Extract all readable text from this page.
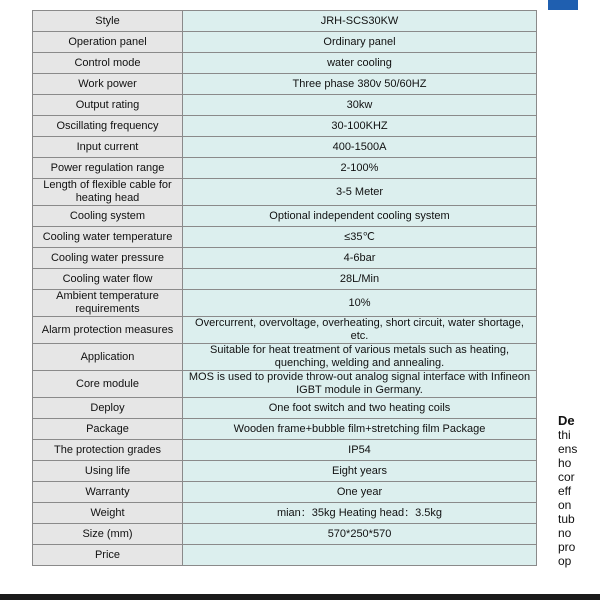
Style	JRH-SCS30KW
Operation panel	Ordinary panel
Control mode	water cooling
Work power	Three phase 380v 50/60HZ
Output rating	30kw
Oscillating frequency	30-100KHZ
Input current	400-1500A
Power regulation range	2-100%
Length of flexible cable for heating head	3-5 Meter
Cooling system	Optional independent cooling system
Cooling water temperature	≤35℃
Cooling water pressure	4-6bar
Cooling water flow	28L/Min
Ambient temperature requirements	10%
Alarm protection measures	Overcurrent, overvoltage, overheating, short circuit, water shortage, etc.
Application	Suitable for heat treatment of various metals such as heating, quenching, welding and annealing.
Core module	MOS is used to provide throw-out analog signal interface with Infineon IGBT module in Germany.
Deploy	One foot switch and two heating coils
Package	Wooden frame+bubble film+stretching film Package
The protection grades	IP54
Using life	Eight years
Warranty	One year
Weight	mian：35kg Heating head：3.5kg
Size (mm)	570*250*570
Price	
De
thi
ens
ho
cor
eff
on
tub
no
pro
op
